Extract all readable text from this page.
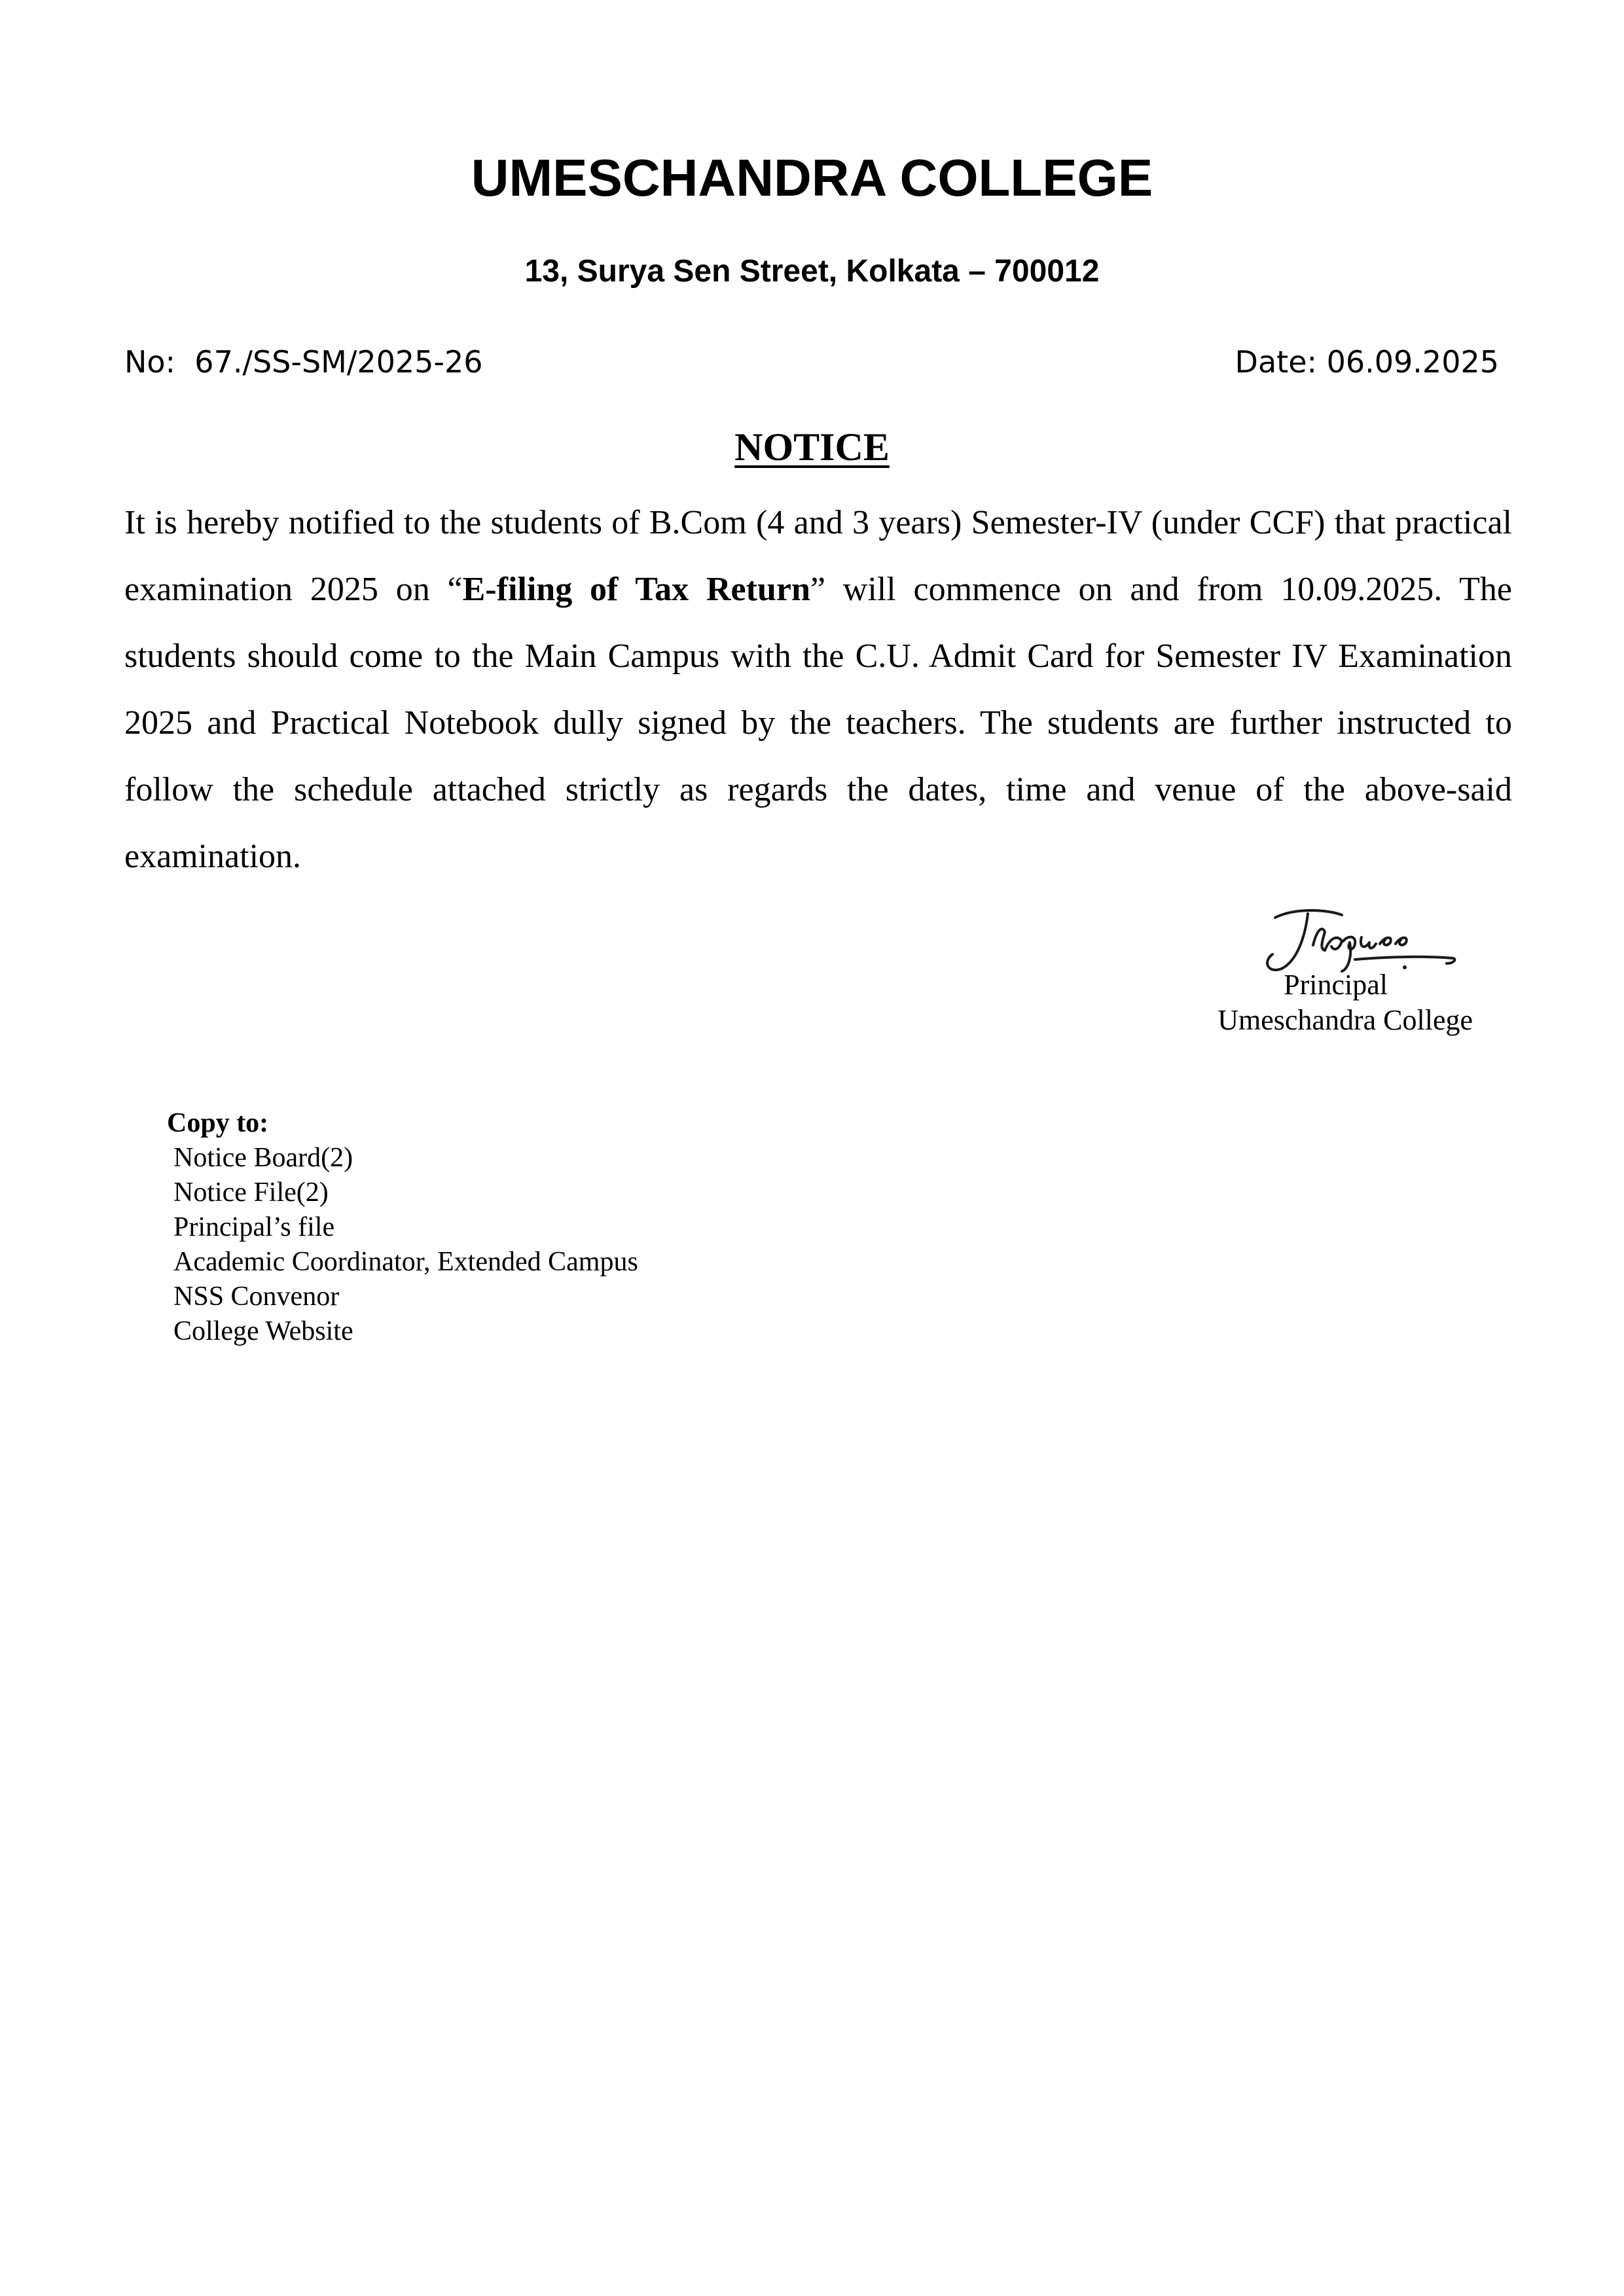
UMESCHANDRA COLLEGE
13, Surya Sen Street, Kolkata – 700012
No:  67./SS-SM/2025-26	Date: 06.09.2025
NOTICE
It is hereby notified to the students of B.Com (4 and 3 years) Semester-IV (under CCF) that practical examination 2025 on “E-filing of Tax Return” will commence on and from 10.09.2025. The students should come to the Main Campus with the C.U. Admit Card for Semester IV Examination 2025 and Practical Notebook dully signed by the teachers. The students are further instructed to follow the schedule attached strictly as regards the dates, time and venue of the above-said examination.
Principal
Umeschandra College

Copy to:

Notice Board(2)
Notice File(2)
Principal’s file
Academic Coordinator, Extended Campus
NSS Convenor
College Website
